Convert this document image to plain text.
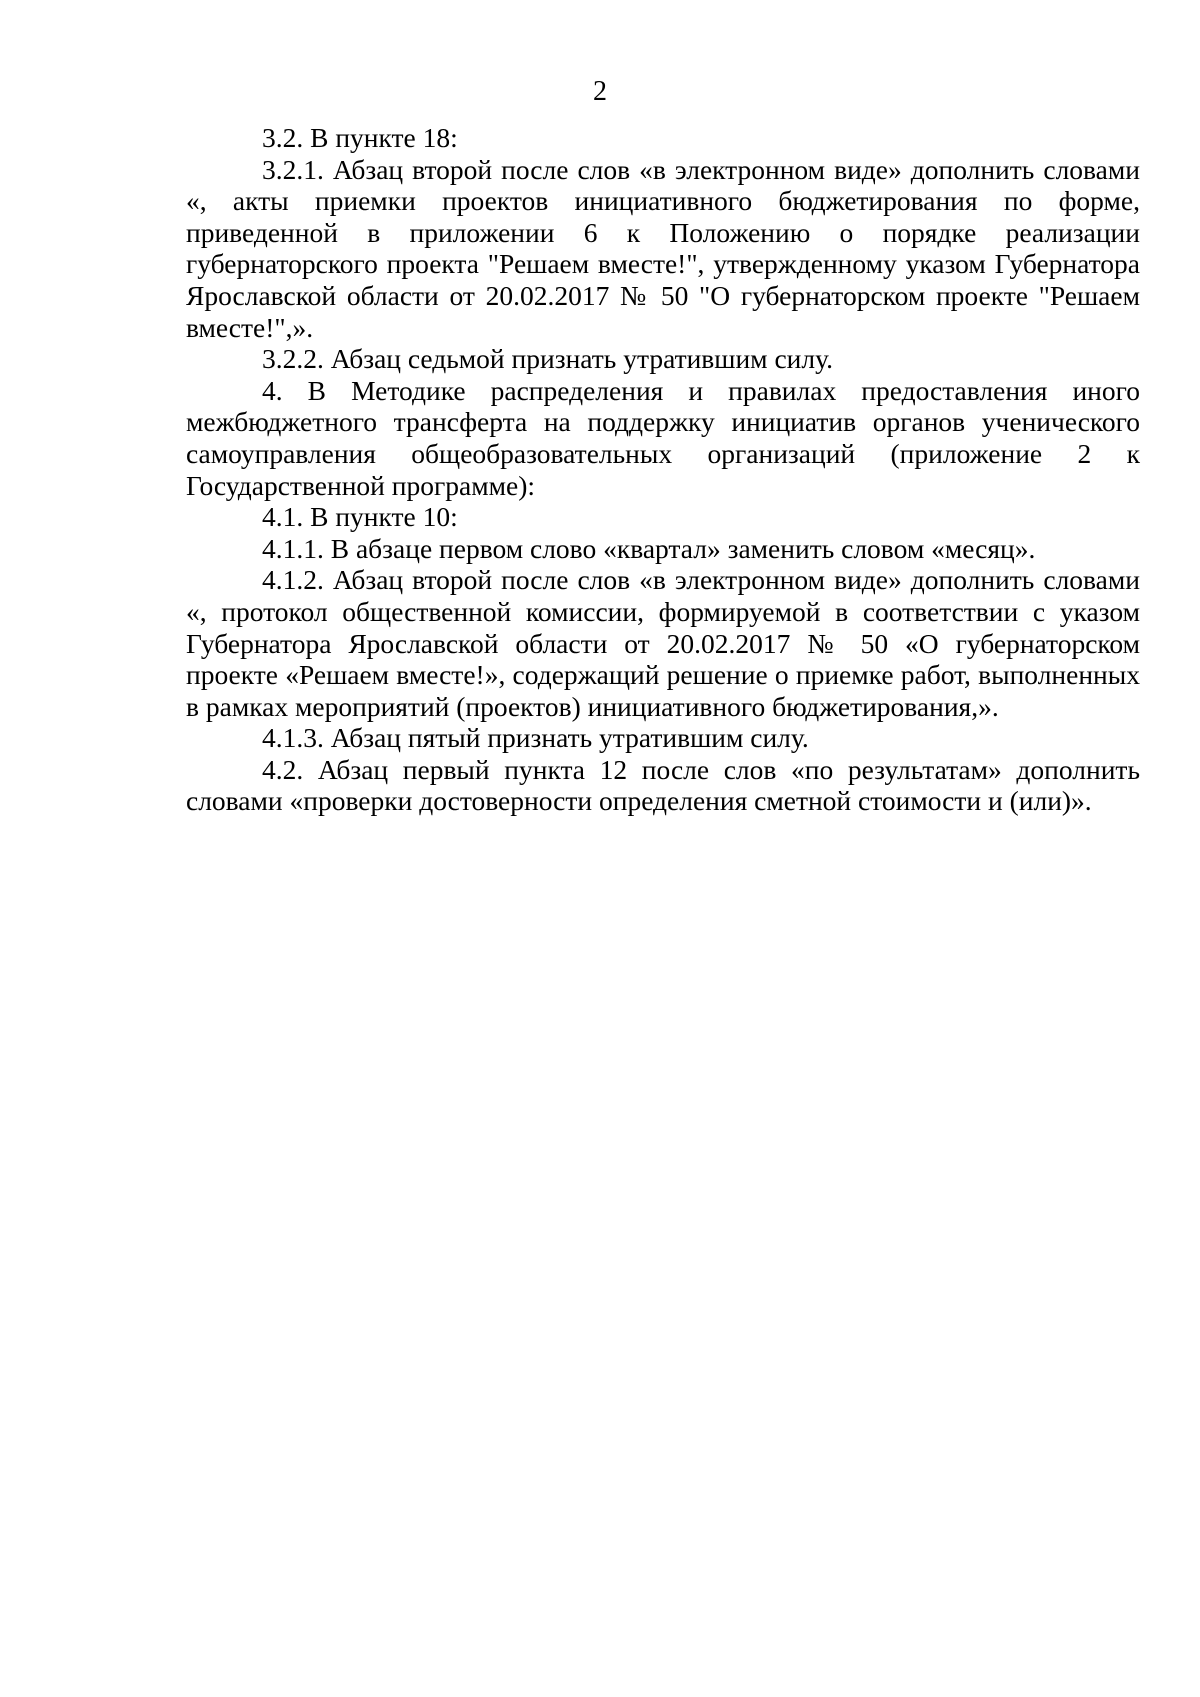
2

3.2. В пункте 18:

3.2.1. Абзац второй после слов «в электронном виде» дополнить словами «, акты приемки проектов инициативного бюджетирования по форме, приведенной в приложении 6 к Положению о порядке реализации губернаторского проекта "Решаем вместе!", утвержденному указом Губернатора Ярославской области от 20.02.2017 № 50 "О губернаторском проекте "Решаем вместе!",».

3.2.2. Абзац седьмой признать утратившим силу.

4. В Методике распределения и правилах предоставления иного межбюджетного трансферта на поддержку инициатив органов ученического самоуправления общеобразовательных организаций (приложение 2 к Государственной программе):

4.1. В пункте 10:

4.1.1. В абзаце первом слово «квартал» заменить словом «месяц».

4.1.2. Абзац второй после слов «в электронном виде» дополнить словами «, протокол общественной комиссии, формируемой в соответствии с указом Губернатора Ярославской области от 20.02.2017 № 50 «О губернаторском проекте «Решаем вместе!», содержащий решение о приемке работ, выполненных в рамках мероприятий (проектов) инициативного бюджетирования,».

4.1.3. Абзац пятый признать утратившим силу.

4.2. Абзац первый пункта 12 после слов «по результатам» дополнить словами «проверки достоверности определения сметной стоимости и (или)».
